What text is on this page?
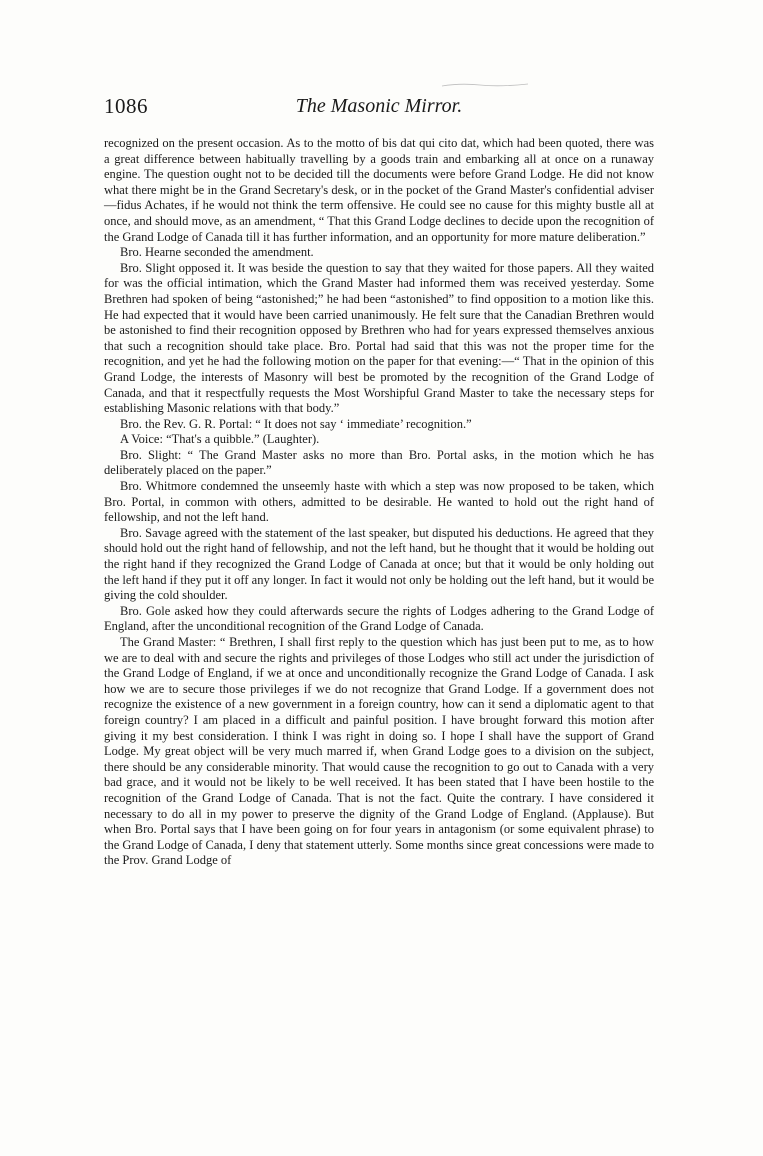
1086	The Masonic Mirror.

recognized on the present occasion. As to the motto of bis dat qui cito dat, which had been quoted, there was a great difference between habitually travelling by a goods train and embarking all at once on a runaway engine. The question ought not to be decided till the documents were before Grand Lodge. He did not know what there might be in the Grand Secretary's desk, or in the pocket of the Grand Master's confidential adviser—fidus Achates, if he would not think the term offensive. He could see no cause for this mighty bustle all at once, and should move, as an amendment, “ That this Grand Lodge declines to decide upon the recognition of the Grand Lodge of Canada till it has further information, and an opportunity for more mature deliberation.”

Bro. Hearne seconded the amendment.

Bro. Slight opposed it. It was beside the question to say that they waited for those papers. All they waited for was the official intimation, which the Grand Master had informed them was received yesterday. Some Brethren had spoken of being “astonished;” he had been “astonished” to find opposition to a motion like this. He had expected that it would have been carried unanimously. He felt sure that the Canadian Brethren would be astonished to find their recognition opposed by Brethren who had for years expressed themselves anxious that such a recognition should take place. Bro. Portal had said that this was not the proper time for the recognition, and yet he had the following motion on the paper for that evening:—“ That in the opinion of this Grand Lodge, the interests of Masonry will best be promoted by the recognition of the Grand Lodge of Canada, and that it respectfully requests the Most Worshipful Grand Master to take the necessary steps for establishing Masonic relations with that body.”

Bro. the Rev. G. R. Portal: “ It does not say ‘ immediate’ recognition.”

A Voice: “That's a quibble.” (Laughter).

Bro. Slight: “ The Grand Master asks no more than Bro. Portal asks, in the motion which he has deliberately placed on the paper.”

Bro. Whitmore condemned the unseemly haste with which a step was now proposed to be taken, which Bro. Portal, in common with others, admitted to be desirable. He wanted to hold out the right hand of fellowship, and not the left hand.

Bro. Savage agreed with the statement of the last speaker, but disputed his deductions. He agreed that they should hold out the right hand of fellowship, and not the left hand, but he thought that it would be holding out the right hand if they recognized the Grand Lodge of Canada at once; but that it would be only holding out the left hand if they put it off any longer. In fact it would not only be holding out the left hand, but it would be giving the cold shoulder.

Bro. Gole asked how they could afterwards secure the rights of Lodges adhering to the Grand Lodge of England, after the unconditional recognition of the Grand Lodge of Canada.

The Grand Master: “ Brethren, I shall first reply to the question which has just been put to me, as to how we are to deal with and secure the rights and privileges of those Lodges who still act under the jurisdiction of the Grand Lodge of England, if we at once and unconditionally recognize the Grand Lodge of Canada. I ask how we are to secure those privileges if we do not recognize that Grand Lodge. If a government does not recognize the existence of a new government in a foreign country, how can it send a diplomatic agent to that foreign country? I am placed in a difficult and painful position. I have brought forward this motion after giving it my best consideration. I think I was right in doing so. I hope I shall have the support of Grand Lodge. My great object will be very much marred if, when Grand Lodge goes to a division on the subject, there should be any considerable minority. That would cause the recognition to go out to Canada with a very bad grace, and it would not be likely to be well received. It has been stated that I have been hostile to the recognition of the Grand Lodge of Canada. That is not the fact. Quite the contrary. I have considered it necessary to do all in my power to preserve the dignity of the Grand Lodge of England. (Applause). But when Bro. Portal says that I have been going on for four years in antagonism (or some equivalent phrase) to the Grand Lodge of Canada, I deny that statement utterly. Some months since great concessions were made to the Prov. Grand Lodge of
